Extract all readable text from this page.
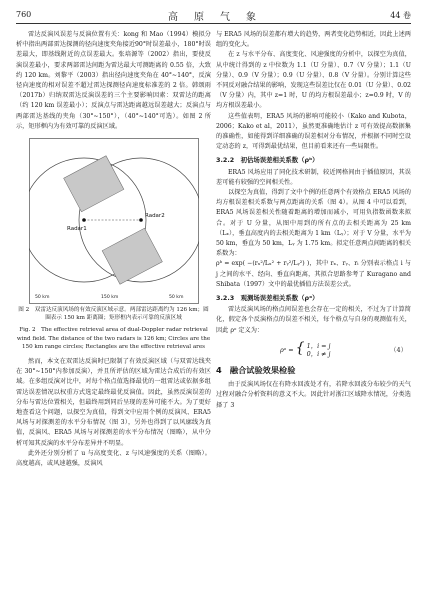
760	高　原　气　象	44 卷

雷达反演风误差与反演位置有关：kong 和 Mao（1994）模拟分析中指出两部雷达探测的径向速度夹角接近90°时误差最小，180°时误差最大，即基线附近的点误差最大。张培源等（2002）指出，要使反演误差最小，要求两部雷达间距为雷达最大可测距离的 0.55 倍，大致约 120 km。刘黎平（2003）指出径向速度夹角在 40°~140°，反演径向速度的相对误差不超过雷达探测径向速度标准差的 2 倍。韩颂雨（2017b）归纳双雷达反演误差的三个主要影响因素：双雷达的距离（约 120 km 误差最小）；反演点与雷达距离越远误差越大；反演点与两部雷达基线的夹角（30°~150°），（40°~140°可选）。如图 2 所示，矩形框内为有效可靠的反演区域。

Radar1
Radar2
50 km	150 km	50 km

图 2　双雷达反演风场的有效反演区域示意。两部雷达距离约为 126 km；圆圈表示 150 km 距离圈；矩形框内表示可靠的反演区域

Fig. 2　The effective retrieval area of dual-Doppler radar retrieval wind field. The distance of the two radars is 126 km; Circles are the 150 km range circles; Rectangles are the effective retrieval ares

然而，本文在双雷达反演时已限制了有效反演区域（与双雷达线夹在 30°~150°内参加反演），并且所评估的区域为雷达合成后的有效区域。在多组反演对比中，对每个格点值选择最优的一组雷达或依据多组雷达误差情况以权重方式选定最终最优反演值。因此，虽然反演误差的分布与雷达位置相关，但最终用到同后呈现的差异可能不大。为了更好地查看这个问题，以探空为真值，得到文中应用个例的反演风、ERA5 风场与对探测差的水平分布情况（图 3），另外也得到了以风廓线为真值，反演风、ERA5 风场与对探测差的水平分布情况（图略），从中分析可知其反演的水平分布差异并不明显。

此外还分别分析了 u 与高度变化、z 与风速强度的关系（图略）。高度越高，或风速越强，反演风

与 ERA5 风场的误差都有增大的趋势，两者变化趋势相近，因此上述两组的变化大。

在 z 与水平分布、高度变化、风速强度的分析中，以探空为真值，从中统计得到的 z 中位数为 1.1（U 分量）、0.7（V 分量）；1.1（U 分量）、0.9（V 分量）；0.9（U 分量）、0.8（V 分量）。分别计算这些不同反对融合结果的影响，发现这些误差比仅在 0.01（U 分量）、0.02（V 分量）内，其中 z=1 时，U 的均方根误差最小；z=0.9 时，V 的均方根误差最小。

这些值表明，ERA5 风场的影响可能较小（Kako and Kubota，2006；Kako et al，2011），虽然更准确地估计 z 可有效提高数据集的准确性，如能得到详细准确的误差相对分布情况，并根据不同时空设定动态的 z，可得到最优结果，但目前看来还有一些局限性。

3.2.2　初估场误差相关系数（ρᵇ）

ERA5 风场应用了同化技术研制，较近网格间由于插值原因，其误差可能有较强的空间相关性。

以探空为真值，得到了文中个例的任意两个有效格点 ERA5 风场的均方根误差相关系数与两点距离的关系（图 4）。从图 4 中可以看到，ERA5 风场误差相关性随着距离的增加而减小，可用负指数函数来拟合。对于 U 分量，从图中用到的所有点的去相关距离为 25 km（Lₓ），垂直高度内的去相关距离为 1 km（Lᵧ）；对于 V 分量，水平为 50 km，垂直为 50 km，Lᵧ 为 1.75 km。拟定任意两点间距离的相关系数为：

ρᵇ = exp( −(rₓ²/Lₓ² + rᵧ²/Lᵧ²) )，其中 rₓ、rᵧ、rᵢ 分别表示格点 i 与 j 之间的水平、经向、垂直向距离，其拟合思路参考了 Kuragano and Shibata（1997）文中的最优插值方法误差公式。

3.2.3　观测场误差相关系数（ρᵒ）

雷达反演风场的格点间误差也会存在一定的相关，不过为了计算简化，假定各个反演格点的误差不相关，每个格点与自身的观测值有关，因此 ρᵒ 定义为：

ρᵒ = { 1，i = j
0，i ≠ j
（4）
4　融合试验效果检验

由于反演风场仅在有降水回波处才有，若降水回波分布较少的天气过程对融合分析资料的意义不大。因此针对浙江区域降水情况，分类选择了 3
